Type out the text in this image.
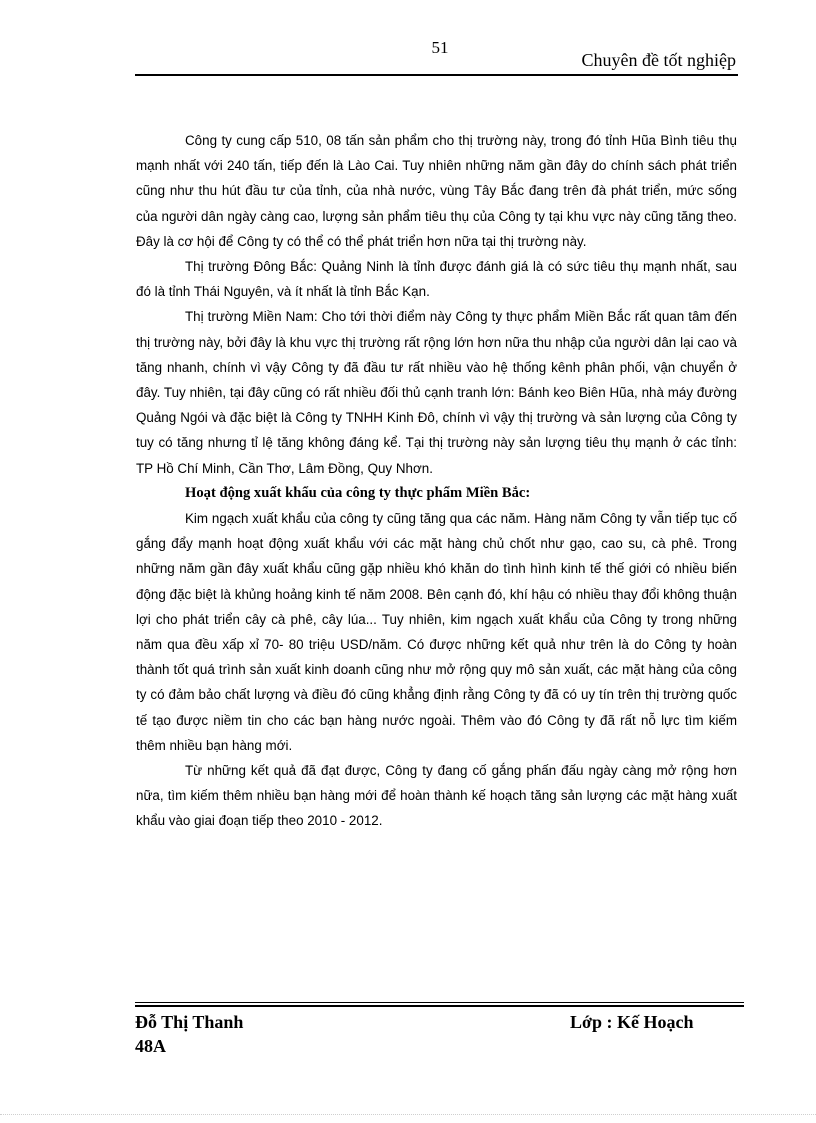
51
Chuyên đề tốt nghiệp

Công ty cung cấp 510, 08 tấn sản phẩm cho thị trường này, trong đó tỉnh Hũa Bình tiêu thụ mạnh nhất với 240 tấn, tiếp đến là Lào Cai. Tuy nhiên những năm gần đây do chính sách phát triển cũng như thu hút đầu tư của tỉnh, của nhà nước, vùng Tây Bắc đang trên đà phát triển, mức sống của người dân ngày càng cao, lượng sản phẩm tiêu thụ của Công ty tại khu vực này cũng tăng theo. Đây là cơ hội để Công ty có thể có thể phát triển hơn nữa tại thị trường này.

Thị trường Đông Bắc: Quảng Ninh là tỉnh được đánh giá là có sức tiêu thụ mạnh nhất, sau đó là tỉnh Thái Nguyên, và ít nhất là tỉnh Bắc Kạn.

Thị trường Miền Nam: Cho tới thời điểm này Công ty thực phẩm Miền Bắc rất quan tâm đến thị trường này, bởi đây là khu vực thị trường rất rộng lớn hơn nữa thu nhập của người dân lại cao và tăng nhanh, chính vì vậy Công ty đã đầu tư rất nhiều vào hệ thống kênh phân phối, vận chuyển ở đây. Tuy nhiên, tại đây cũng có rất nhiều đối thủ cạnh tranh lớn: Bánh keo Biên Hũa, nhà máy đường Quảng Ngói và đặc biệt là Công ty TNHH Kinh Đô, chính vì vậy thị trường và sản lượng của Công ty tuy có tăng nhưng tỉ lệ tăng không đáng kể. Tại thị trường này sản lượng tiêu thụ mạnh ở các tỉnh: TP Hồ Chí Minh, Cần Thơ, Lâm Đồng, Quy Nhơn.

Hoạt động xuất khẩu của công ty thực phẩm Miền Bắc:

Kim ngạch xuất khẩu của công ty cũng tăng qua các năm. Hàng năm Công ty vẫn tiếp tục cố gắng đẩy mạnh hoạt động xuất khẩu với các mặt hàng chủ chốt như gạo, cao su, cà phê. Trong những năm gần đây xuất khẩu cũng gặp nhiều khó khăn do tình hình kinh tế thế giới có nhiều biến động đặc biệt là khủng hoảng kinh tế năm 2008. Bên cạnh đó, khí hậu có nhiều thay đổi không thuận lợi cho phát triển cây cà phê, cây lúa... Tuy nhiên, kim ngạch xuất khẩu của Công ty trong những năm qua đều xấp xỉ 70- 80 triệu USD/năm. Có được những kết quả như trên là do Công ty hoàn thành tốt quá trình sản xuất kinh doanh cũng như mở rộng quy mô sản xuất, các mặt hàng của công ty có đảm bảo chất lượng và điều đó cũng khẳng định rằng Công ty đã có uy tín trên thị trường quốc tế tạo được niềm tin cho các bạn hàng nước ngoài. Thêm vào đó Công ty đã rất nỗ lực tìm kiếm thêm nhiều bạn hàng mới.

Từ những kết quả đã đạt được, Công ty đang cố gắng phấn đấu ngày càng mở rộng hơn nữa, tìm kiếm thêm nhiều bạn hàng mới để hoàn thành kế hoạch tăng sản lượng các mặt hàng xuất khẩu vào giai đoạn tiếp theo 2010 - 2012.

Đỗ Thị Thanh
48A
Lớp : Kế Hoạch
